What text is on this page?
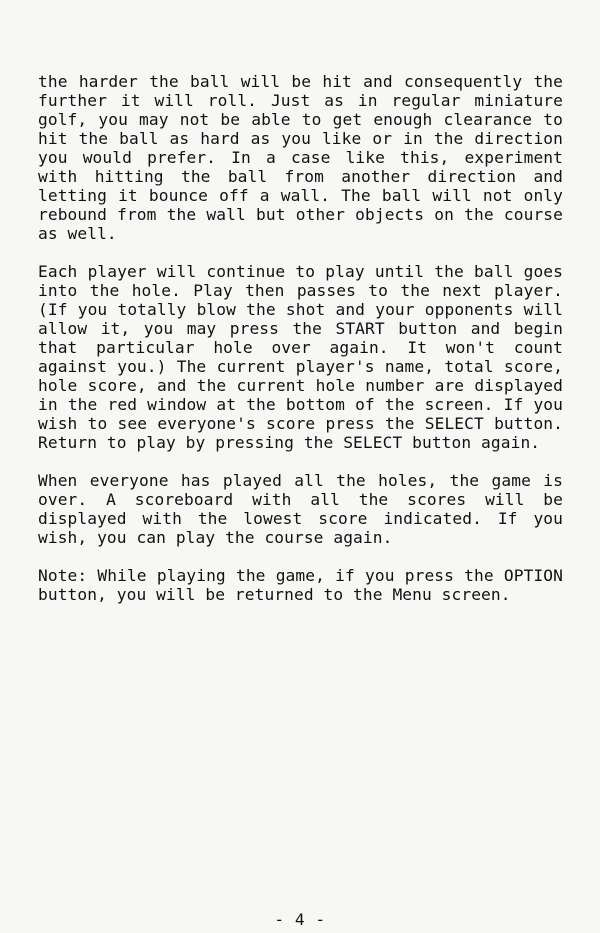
the harder the ball will be hit and consequently the further it will roll. Just as in regular miniature golf, you may not be able to get enough clearance to hit the ball as hard as you like or in the direction you would prefer. In a case like this, experiment with hitting the ball from another direction and letting it bounce off a wall. The ball will not only rebound from the wall but other objects on the course as well.

Each player will continue to play until the ball goes into the hole. Play then passes to the next player. (If you totally blow the shot and your opponents will allow it, you may press the START button and begin that particular hole over again. It won't count against you.) The current player's name, total score, hole score, and the current hole number are displayed in the red window at the bottom of the screen. If you wish to see everyone's score press the SELECT button. Return to play by pressing the SELECT button again.

When everyone has played all the holes, the game is over. A scoreboard with all the scores will be displayed with the lowest score indicated. If you wish, you can play the course again.

Note: While playing the game, if you press the OPTION button, you will be returned to the Menu screen.

- 4 -
